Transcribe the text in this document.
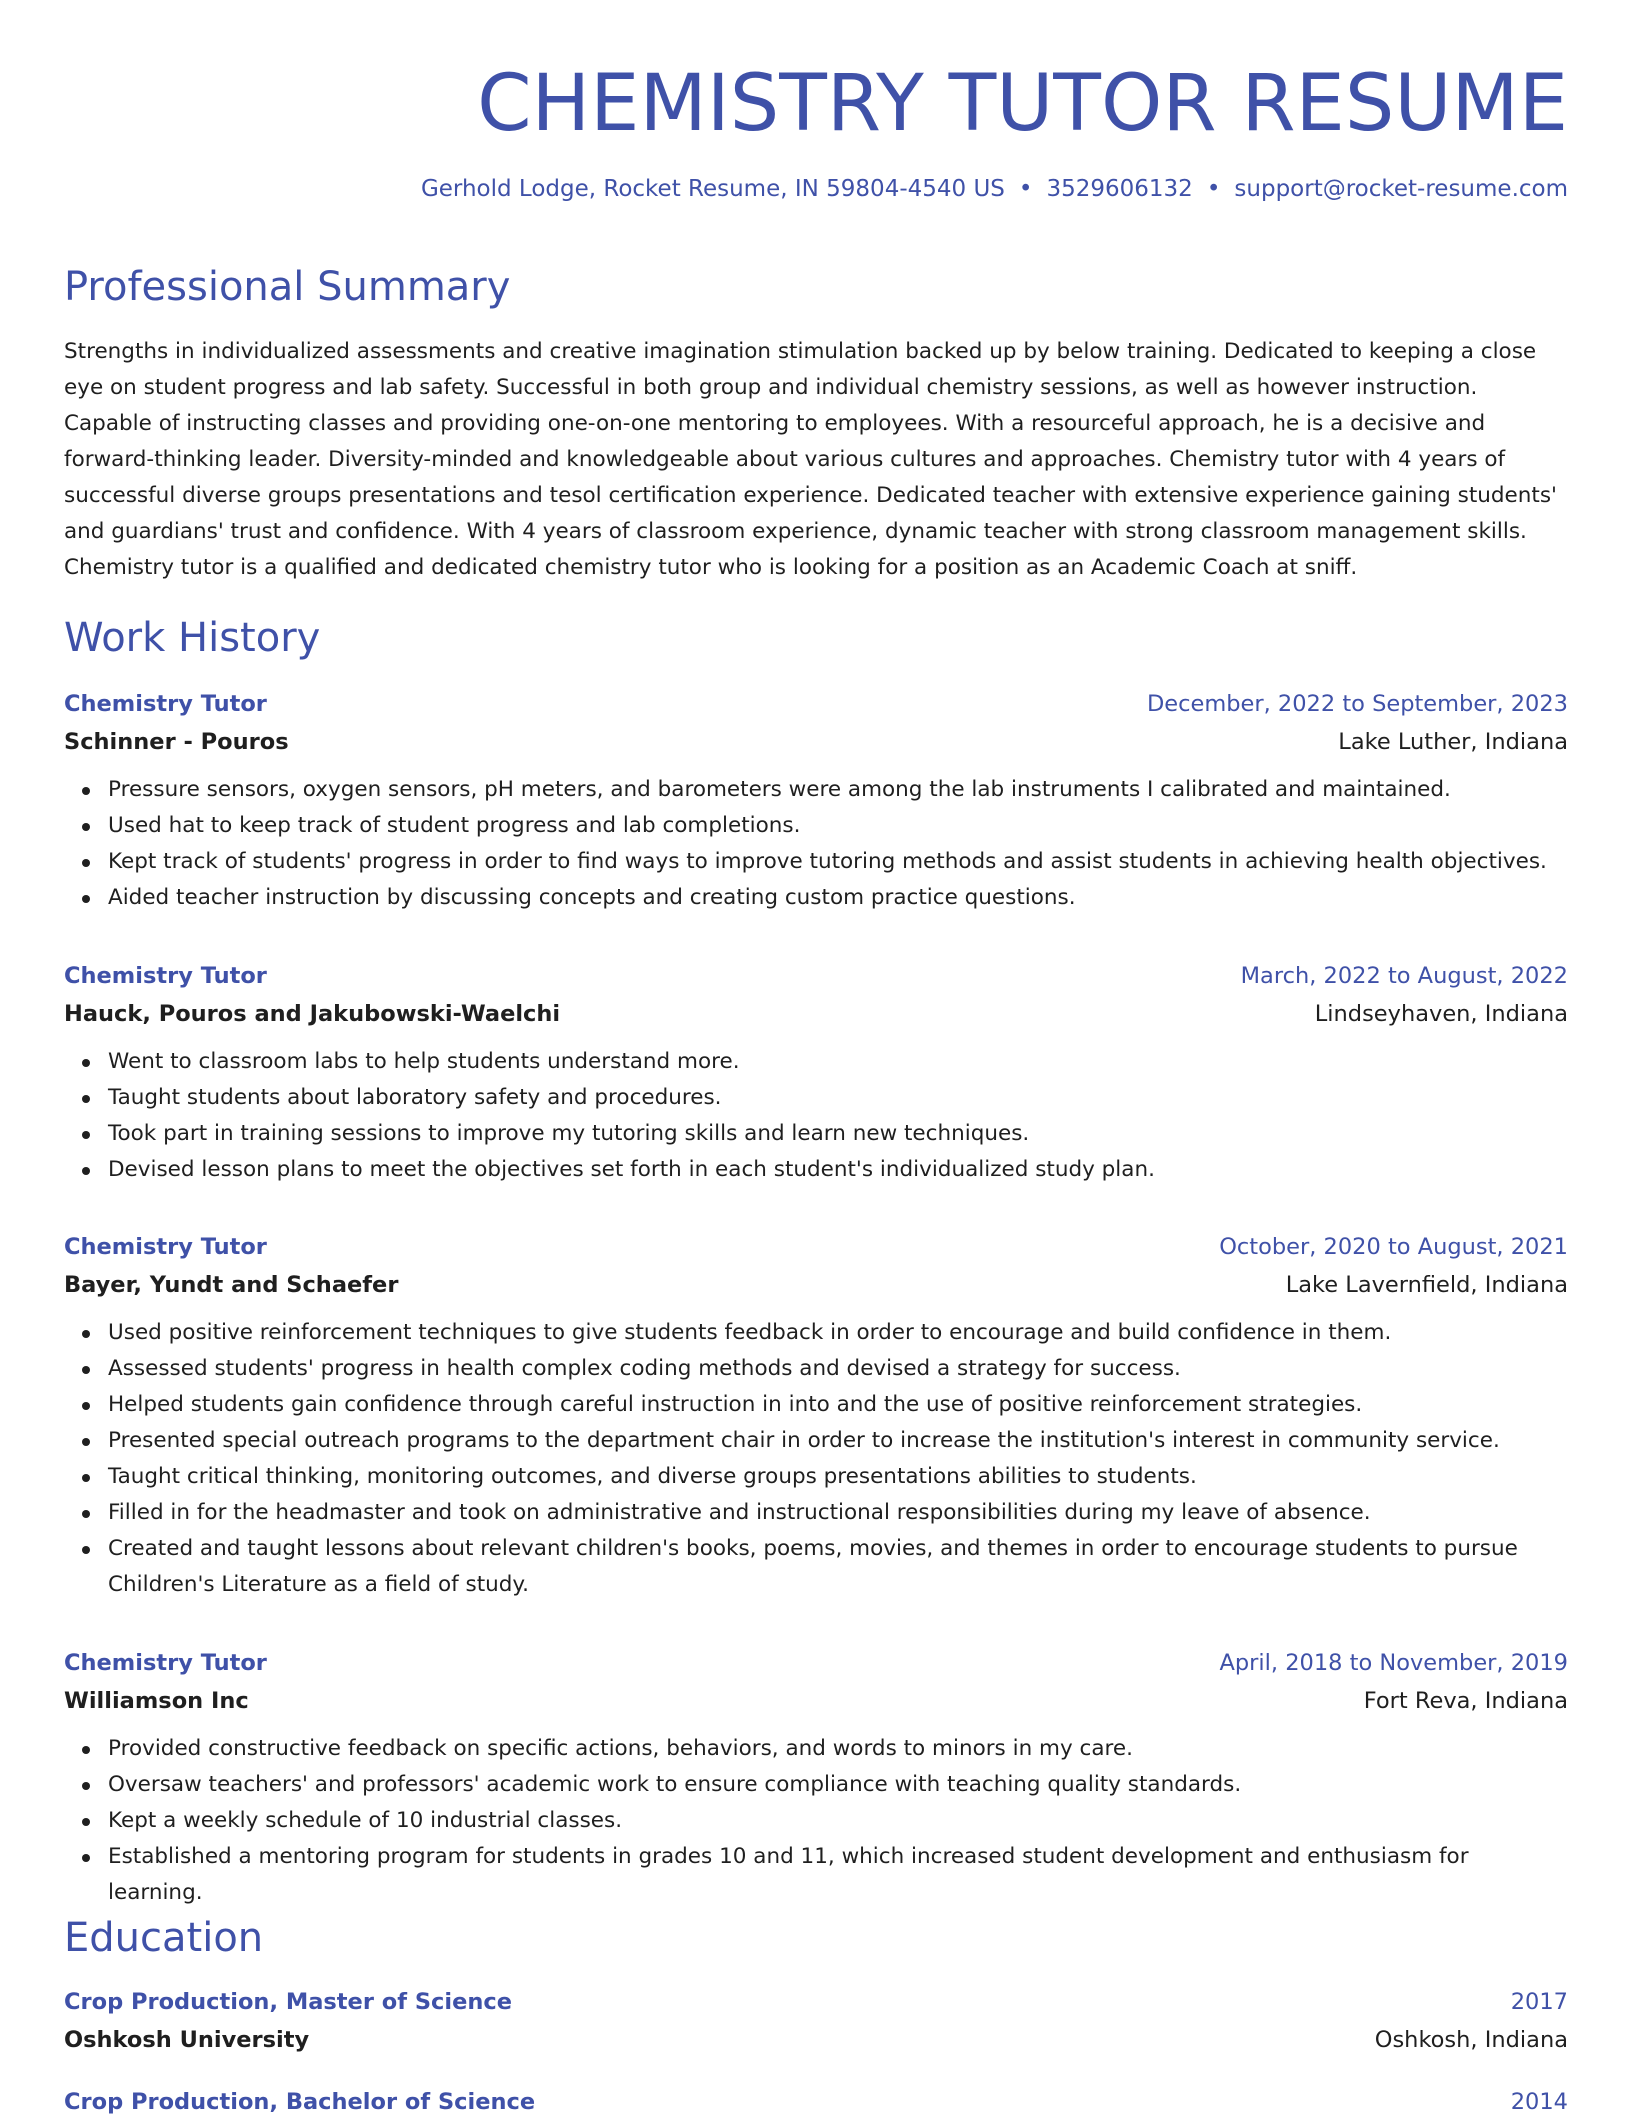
CHEMISTRY TUTOR RESUME
Gerhold Lodge, Rocket Resume, IN 59804-4540 US • 3529606132 • support@rocket-resume.com
Professional Summary

Strengths in individualized assessments and creative imagination stimulation backed up by below training. Dedicated to keeping a close eye on student progress and lab safety. Successful in both group and individual chemistry sessions, as well as however instruction. Capable of instructing classes and providing one-on-one mentoring to employees. With a resourceful approach, he is a decisive and forward-thinking leader. Diversity-minded and knowledgeable about various cultures and approaches. Chemistry tutor with 4 years of successful diverse groups presentations and tesol certification experience. Dedicated teacher with extensive experience gaining students' and guardians' trust and confidence. With 4 years of classroom experience, dynamic teacher with strong classroom management skills. Chemistry tutor is a qualified and dedicated chemistry tutor who is looking for a position as an Academic Coach at sniff.

Work History
Chemistry Tutor	December, 2022 to September, 2023
Schinner - Pouros	Lake Luther, Indiana
Pressure sensors, oxygen sensors, pH meters, and barometers were among the lab instruments I calibrated and maintained.
Used hat to keep track of student progress and lab completions.
Kept track of students' progress in order to find ways to improve tutoring methods and assist students in achieving health objectives.
Aided teacher instruction by discussing concepts and creating custom practice questions.
Chemistry Tutor	March, 2022 to August, 2022
Hauck, Pouros and Jakubowski-Waelchi	Lindseyhaven, Indiana
Went to classroom labs to help students understand more.
Taught students about laboratory safety and procedures.
Took part in training sessions to improve my tutoring skills and learn new techniques.
Devised lesson plans to meet the objectives set forth in each student's individualized study plan.
Chemistry Tutor	October, 2020 to August, 2021
Bayer, Yundt and Schaefer	Lake Lavernfield, Indiana
Used positive reinforcement techniques to give students feedback in order to encourage and build confidence in them.
Assessed students' progress in health complex coding methods and devised a strategy for success.
Helped students gain confidence through careful instruction in into and the use of positive reinforcement strategies.
Presented special outreach programs to the department chair in order to increase the institution's interest in community service.
Taught critical thinking, monitoring outcomes, and diverse groups presentations abilities to students.
Filled in for the headmaster and took on administrative and instructional responsibilities during my leave of absence.
Created and taught lessons about relevant children's books, poems, movies, and themes in order to encourage students to pursue Children's Literature as a field of study.
Chemistry Tutor	April, 2018 to November, 2019
Williamson Inc	Fort Reva, Indiana
Provided constructive feedback on specific actions, behaviors, and words to minors in my care.
Oversaw teachers' and professors' academic work to ensure compliance with teaching quality standards.
Kept a weekly schedule of 10 industrial classes.
Established a mentoring program for students in grades 10 and 11, which increased student development and enthusiasm for learning.
Education
Crop Production, Master of Science	2017
Oshkosh University	Oshkosh, Indiana
Crop Production, Bachelor of Science	2014
